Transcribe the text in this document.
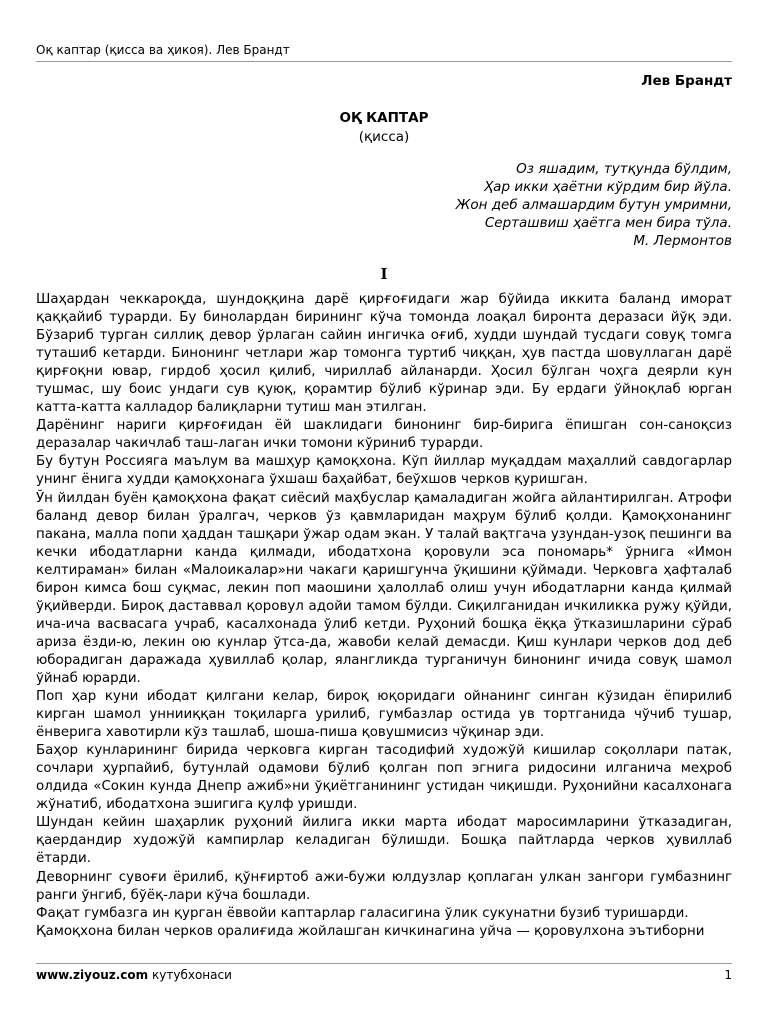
Оқ каптар (қисса ва ҳикоя). Лев Брандт
Лев Брандт
ОҚ КАПТАР
(қисса)
Оз яшадим, тутқунда бўлдим,
Ҳар икки ҳаётни кўрдим бир йўла.
Жон деб алмашардим бутун умримни,
Серташвиш ҳаётга мен бира тўла.
М. Лермонтов
I

Шаҳардан чеккароқда, шундоққина дарё қирғоғидаги жар бўйида иккита баланд иморат қаққайиб турарди. Бу бинолардан бирининг кўча томонда лоақал биронта деразаси йўқ эди. Бўзариб турган силлиқ девор ўрлаган сайин ингичка оғиб, худди шундай тусдаги совуқ томга туташиб кетарди. Бинонинг четлари жар томонга туртиб чиққан, ҳув пастда шовуллаган дарё қирғоқни ювар, гирдоб ҳосил қилиб, чириллаб айланарди. Ҳосил бўлган чоҳга деярли кун тушмас, шу боис ундаги сув қуюқ, қорамтир бўлиб кўринар эди. Бу ердаги ўйноқлаб юрган катта-катта калладор балиқларни тутиш ман этилган.

Дарёнинг нариги қирғоғидан ёй шаклидаги бинонинг бир-бирига ёпишган сон-саноқсиз деразалар чакичлаб таш-лаган ички томони кўриниб турарди.

Бу бутун Россияга маълум ва машҳур қамоқхона. Кўп йиллар муқаддам маҳаллий савдогарлар унинг ёнига худди қамоқхонага ўхшаш баҳайбат, беўхшов черков қуришган.

Ўн йилдан буён қамоқхона фақат сиёсий маҳбуслар қамаладиган жойга айлантирилган. Атрофи баланд девор билан ўралгач, черков ўз қавмларидан маҳрум бўлиб қолди. Қамоқхонанинг пакана, малла попи ҳаддан ташқари ўжар одам экан. У талай вақтгача узундан-узоқ пешинги ва кечки ибодатларни канда қилмади, ибодатхона қоровули эса пономарь* ўрнига «Имон келтираман» билан «Малоикалар»ни чакаги қаришгунча ўқишини қўймади. Черковга ҳафталаб бирон кимса бош суқмас, лекин поп маошини ҳалоллаб олиш учун ибодатларни канда қилмай ўқийверди. Бироқ даставвал қоровул адойи тамом бўлди. Сиқилганидан ичкиликка ружу қўйди, ича-ича васвасага учраб, касалхонада ўлиб кетди. Руҳоний бошқа ёққа ўтказишларини сўраб ариза ёзди-ю, лекин ою кунлар ўтса-да, жавоби келай демасди. Қиш кунлари черков дод деб юборадиган даражада ҳувиллаб қолар, ялангликда турганичун бинонинг ичида совуқ шамол ўйнаб юрарди.

Поп ҳар куни ибодат қилгани келар, бироқ юқоридаги ойнанинг синган кўзидан ёпирилиб кирган шамол уннииққан тоқиларга урилиб, гумбазлар остида ув тортганида чўчиб тушар, ёнверига хавотирли кўз ташлаб, шоша-пиша қовушмисиз чўқинар эди.

Баҳор кунларининг бирида черковга кирган тасодифий художўй кишилар соқоллари патак, сочлари ҳурпайиб, бутунлай одамови бўлиб қолган поп эгнига ридосини илганича меҳроб олдида «Сокин кунда Днепр ажиб»ни ўқиётганининг устидан чиқишди. Руҳонийни касалхонага жўнатиб, ибодатхона эшигига қулф уришди.

Шундан кейин шаҳарлик руҳоний йилига икки марта ибодат маросимларини ўтказадиган, қаердандир художўй кампирлар келадиган бўлишди. Бошқа пайтларда черков ҳувиллаб ётарди.

Деворнинг сувоғи ёрилиб, қўнғиртоб ажи-бужи юлдузлар қоплаган улкан зангори гумбазнинг ранги ўнгиб, бўёқ-лари кўча бошлади.

Фақат гумбазга ин қурган ёввойи каптарлар галасигина ўлик сукунатни бузиб туришарди.

Қамоқхона билан черков оралиғида жойлашган кичкинагина уйча — қоровулхона эътиборни

www.ziyouz.com кутубхонаси	1
